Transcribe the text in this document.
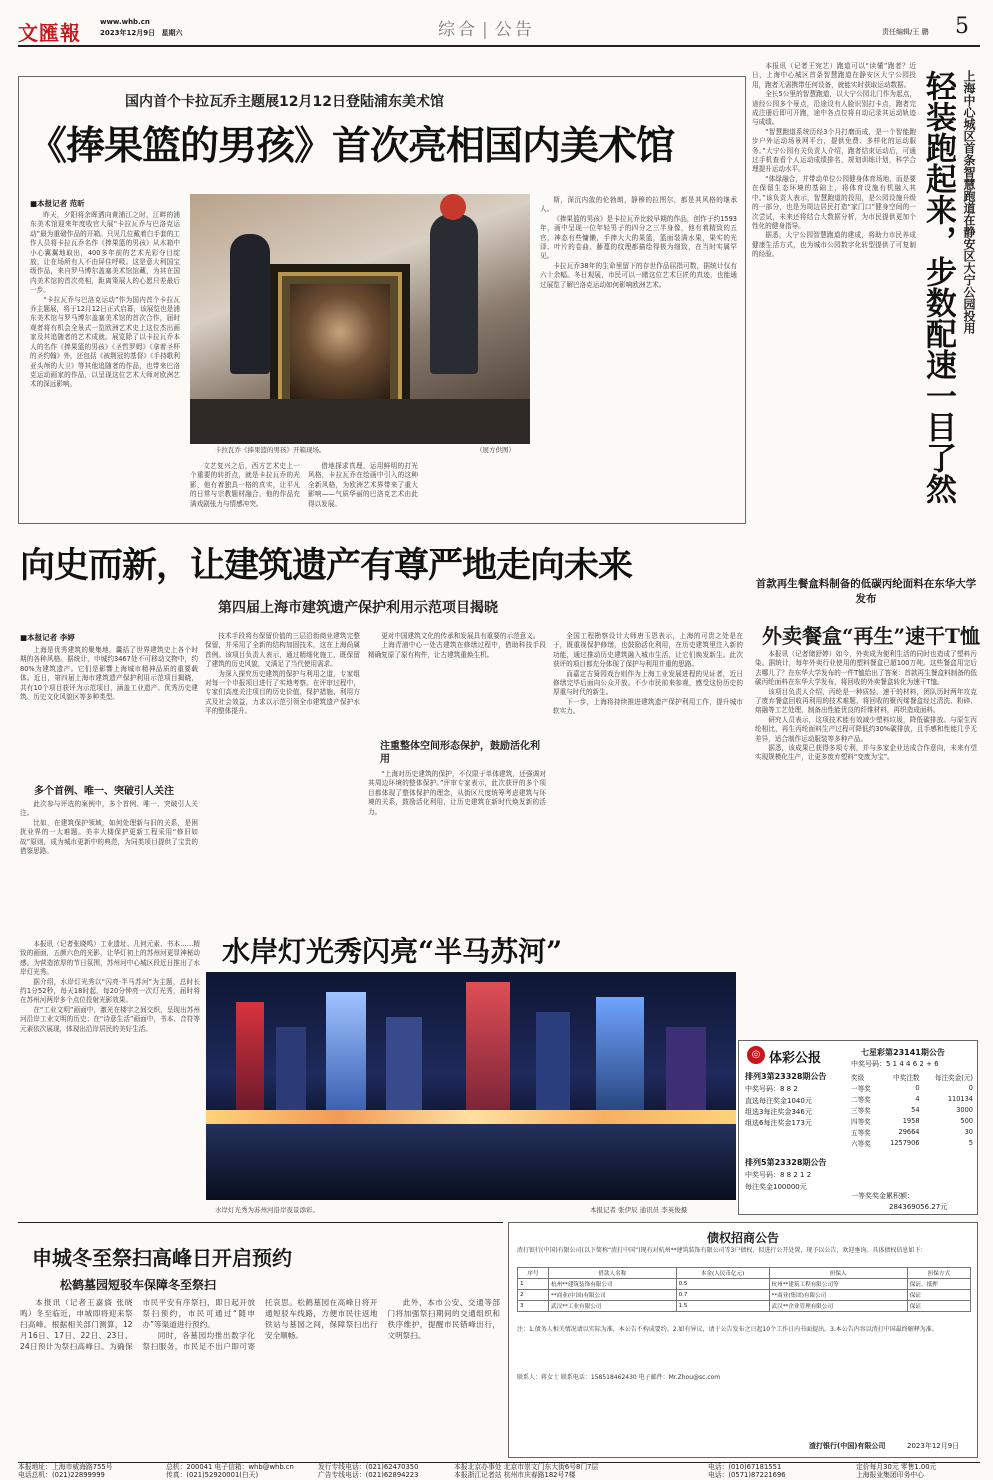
文匯報	www.whb.cn
2023年12月9日 星期六	综合 | 公告	责任编辑/王 鹏 5
国内首个卡拉瓦乔主题展12月12日登陆浦东美术馆
《捧果篮的男孩》首次亮相国内美术馆
■本报记者 范昕

昨天，夕阳将余晖洒向黄浦江之时，江畔的浦东美术馆迎来年度收官大展“卡拉瓦乔与巴洛克运动”最为重磅作品的开箱。只见几位戴着白手套的工作人员将卡拉瓦乔名作《捧果篮的男孩》从木箱中小心翼翼地取出，400多年前的艺术光彩夺目绽放，让在场所有人不由屏住呼吸。这是意大利国宝级作品，来自罗马博尔盖塞美术馆馆藏，为其在国内美术馆的首次亮相，距离策展人的心愿只差最后一步。

“卡拉瓦乔与巴洛克运动”作为国内首个卡拉瓦乔主题展，将于12月12日正式启幕，该展览也是浦东美术馆与罗马博尔盖塞美术馆的首次合作，届时观者将有机会全景式一览欧洲艺术史上这位杰出画家及其追随者的艺术成就。展览除了以卡拉瓦乔本人的名作《捧果篮的男孩》《圣哲罗姆》《拿着圣杯的圣约翰》外，还包括《被荆冠的基督》《手持歌利亚头颅的大卫》等其他追随者的作品，也带来巴洛克运动画家的作品，以呈现这位艺术大师对欧洲艺术的深远影响。

卡拉瓦乔《捧果篮的男孩》开箱现场。	（展方供图）

文艺复兴之后，西方艺术史上一个重要的转折点，就是卡拉瓦乔的光影，他有着独具一格的真实，让平凡的日常与宗教题材融合，他的作品充满戏剧张力与情感冲突。

借地探求真理，运用鲜明的打光风格，卡拉瓦乔在绘画中引入的这种全新风格，为欧洲艺术界带来了重大影响——气质华丽的巴洛克艺术由此得以发展。

斯，深沉内敛的伦勃朗，静穆的拉图尔，都是其风格的继承人。

《捧果篮的男孩》是卡拉瓦乔比较早期的作品，创作于约1593年，画中呈现一位年轻男子的四分之三半身像，他有着精致的五官，神态有些慵懒，手捧大大的果篮，篮面装满水果，果实的光泽、叶片的卷曲、藤蔓的纹理都描绘得极为细致，在当时实属罕见。

卡拉瓦乔38年的生命里留下的存世作品屈指可数，据统计仅有六十余幅。冬日观展，市民可以一睹这位艺术巨匠的真迹，也能通过展览了解巴洛克运动如何影响欧洲艺术。

本报讯（记者王宛艺）跑道可以“读懂”跑者？近日，上海中心城区首条智慧跑道在静安区大宁公园投用，跑者无需携带任何设备，就能实时获取运动数据。

全长5公里的智慧跑道，以大宁公园北门作为起点，途经公园多个景点，沿途设有人脸识别打卡点，跑者完成注册后即可开跑，途中各点位将自动记录其运动轨迹与成绩。

“智慧跑道系统历经3个月打磨而成，是一个智能跑步户外运动场景网平台，提供免费、多样化的运动服务。”大宁公园有关负责人介绍，跑者结束运动后，可通过手机查看个人运动成绩排名，规划训练计划，科学合理提升运动水平。

“体绿融合，并带动单位公园健身体育场地，而是要在保留生态环境的基础上，将体育设施有机融入其中。”该负责人表示，智慧跑道的投用，是公园设施升级的一部分，也是为周边居民打造“家门口”健身空间的一次尝试，未来还将结合大数据分析，为市民提供更加个性化的健身指导。

据悉，大宁公园智慧跑道的建成，将助力市民养成健康生活方式，也为城市公园数字化转型提供了可复制的经验。	轻装跑起来，步数配速一目了然 上海中心城区首条智慧跑道在静安区大宁公园投用
向史而新，让建筑遗产有尊严地走向未来
第四届上海市建筑遗产保护利用示范项目揭晓
■本报记者 李婷

上海是优秀建筑的聚集地，囊括了世界建筑史上各个时期的各种风格。据统计，申城约3467处不可移动文物中，约80%为建筑遗产。它们是影響上海城市精神品质的重要载体。近日，第四届上海市建筑遗产保护利用示范项目揭晓，共有10个项目获评为示范项目，涵盖工业遗产、优秀历史建筑、历史文化风貌区等多种类型。

多个首例、唯一、突破引人关注

此次参与评选的案例中，多个首例、唯一、突破引人关注。

比如，在建筑保护领域，如何处理新与旧的关系，是困扰业界的一大难题。美丰大楼保护更新工程采用“修旧如故”原则，成为城市更新中的典范，为同类项目提供了宝贵的借鉴思路。

技术手段将有保留价值的三层沿街商业建筑完整保留，并采用了全新的结构加固技术，这在上海尚属首例。该项目负责人表示，通过精细化施工，既保留了建筑的历史风貌，又满足了当代使用需求。

为深入探究历史建筑的保护与利用之道，专家组对每一个申报项目进行了实地考察。在评审过程中，专家们高度关注项目的历史价值、保护措施、利用方式及社会效益，力求以示范引领全市建筑遗产保护水平的整体提升。

更对中国建筑文化的传承和发展具有重要的示范意义。

上海青浦中心一处古建筑在修缮过程中，借助科技手段精确复原了原有构件，让古建筑重焕生机。

注重整体空间形态保护，鼓励活化利用

“上海对历史建筑的保护，不仅限于单体建筑，还强调对其周边环境的整体保护。”评审专家表示，此次获评的多个项目都体现了整体保护的理念，从街区尺度统筹考虑建筑与环境的关系，鼓励活化利用，让历史建筑在新时代焕发新的活力。

全国工程勘察设计大师唐玉恩表示，上海的可贵之处是在于，既重视保护修缮，也鼓励活化利用，在历史建筑里注入新的功能，通过推动历史建筑融入城市生活，让它们焕发新生。此次获评的项目都充分体现了保护与利用并重的思路。

而嘉定古猗园戏台则作为上海工业发展进程的见证者，近日修缮完毕后面向公众开放。不少市民前来参观，感受这份历史的厚重与时代的新生。

下一步，上海将持续推进建筑遗产保护利用工作，提升城市软实力。

首款再生餐盒料制备的低碳丙纶面料在东华大学发布
外卖餐盒“再生”速干T恤

本报讯（记者储舒婷）如今，外卖成为便利生活的同时也造成了塑料污染。据统计，每年外卖行业使用的塑料餐盒已超100万吨。这些餐盒用完后去哪儿了？在东华大学发布的一件T恤给出了答案：首款再生餐盒料制备的低碳丙纶面料在东华大学发布，将回收的外卖餐盒转化为速干T恤。

该项目负责人介绍，丙纶是一种质轻、速干的材料，团队历时两年攻克了废弃餐盒回收再利用的技术难题，将回收的聚丙烯餐盒经过清洗、粉碎、熔融等工艺处理，制备出性能优良的纤维材料，再织造成面料。

研究人员表示，这项技术能有效减少塑料垃圾，降低碳排放。与原生丙纶相比，再生丙纶面料生产过程可降低约30%碳排放，且手感和性能几乎无差异，适合制作运动服装等多种产品。

据悉，该成果已获得多项专利，并与多家企业达成合作意向，未来有望实现规模化生产，让更多废弃塑料“变废为宝”。

水岸灯光秀闪亮“半马苏河”

本报讯（记者张晓鸣）工业遗址、几何元素、书本……精致的画面，五颜六色的光影，让华灯初上的苏州河更显神秘动感。为营造浓厚的节日氛围，苏州河中心城区段近日推出了水岸灯光秀。

据介绍，水岸灯光秀以“闪亮·半马苏河”为主题，总时长约1分52秒，每天18时起，每20分钟亮一次灯光秀，届时将在苏州河两岸多个点位投射光影效果。

在“工业文明”画面中，激光在楼宇之间交织，呈现出苏州河沿岸工业文明的历史；在“诗意生活”画面中，书本、音符等元素依次展现，体现出沿岸居民的美好生活。

水岸灯光秀为苏州河沿岸夜景添彩。	本报记者 张伊辰 通讯员 李英俊摄
体彩公报
◎
排列3第23328期公告
中奖号码：8 8 2
直选每注奖金1040元
组选3每注奖金346元
组选6每注奖金173元
排列5第23328期公告
中奖号码：8 8 2 1 2
每注奖金100000元
七星彩第23141期公告
中奖号码：5 1 4 4 6 2 + 6
奖级	中奖注数	每注奖金(元)
一等奖	0	0
二等奖	4	110134
三等奖	54	3000
四等奖	1958	500
五等奖	29664	30
六等奖	1257906	5
一等奖奖金累积额：
284369056.27元
申城冬至祭扫高峰日开启预约
松鹤墓园短驳车保障冬至祭扫

本报讯（记者王嘉旖 张晓鸣）冬至临近，申城即将迎来祭扫高峰。根据相关部门测算，12月16日、17日、22日、23日、24日预计为祭扫高峰日。为确保市民平安有序祭扫，即日起开放祭扫预约，市民可通过“随申办”等渠道进行预约。

同时，各墓园均推出数字化祭扫服务，市民足不出户即可寄托哀思。松鹤墓园在高峰日将开通短驳车线路，方便市民往返地铁站与墓园之间，保障祭扫出行安全顺畅。

此外，本市公安、交通等部门将加强祭扫期间的交通组织和秩序维护，提醒市民错峰出行，文明祭扫。

债权招商公告
渣打银行(中国)有限公司(以下简称“渣打中国”)现有对杭州**建筑装饰有限公司等3户债权，拟进行公开处置，现予以公告，欢迎垂询。具体债权信息如下：
序号	借款人名称	本金(人民币亿元)	担保人	担保方式
1	杭州**建筑装饰有限公司	0.5	杭州**建筑工程有限公司等	保证、抵押
2	**商业(中国)有限公司	0.7	**商业(集团)有限公司	保证
3	武汉**工业有限公司	1.5	武汉**企业管理有限公司	保证
注：1.债务人相关情况请以实际为准，本公告不构成要约。2.如有异议，请于公告发布之日起10个工作日内书面提出。3.本公告内容以渣打中国最终解释为准。
联系人：蒋女士 联系电话：158518462430 电子邮件：Mr.Zhou@sc.com
渣打银行(中国)有限公司	2023年12月9日
本报地址：上海市威海路755号
电话总机：(021)22899999
总机：200041 电子信箱：whb@whb.cn
传真：(021)52920001(白天)
发行专线电话：(021)62470350
广告专线电话：(021)62894223
本报北京办事处 北京市崇文门东大街6号8门7层
本报浙江记者站 杭州市庆春路182号7楼
电话：(010)67181551
电话：(0571)87221696
定价每月30元 零售1.00元
上海报业集团印务中心
